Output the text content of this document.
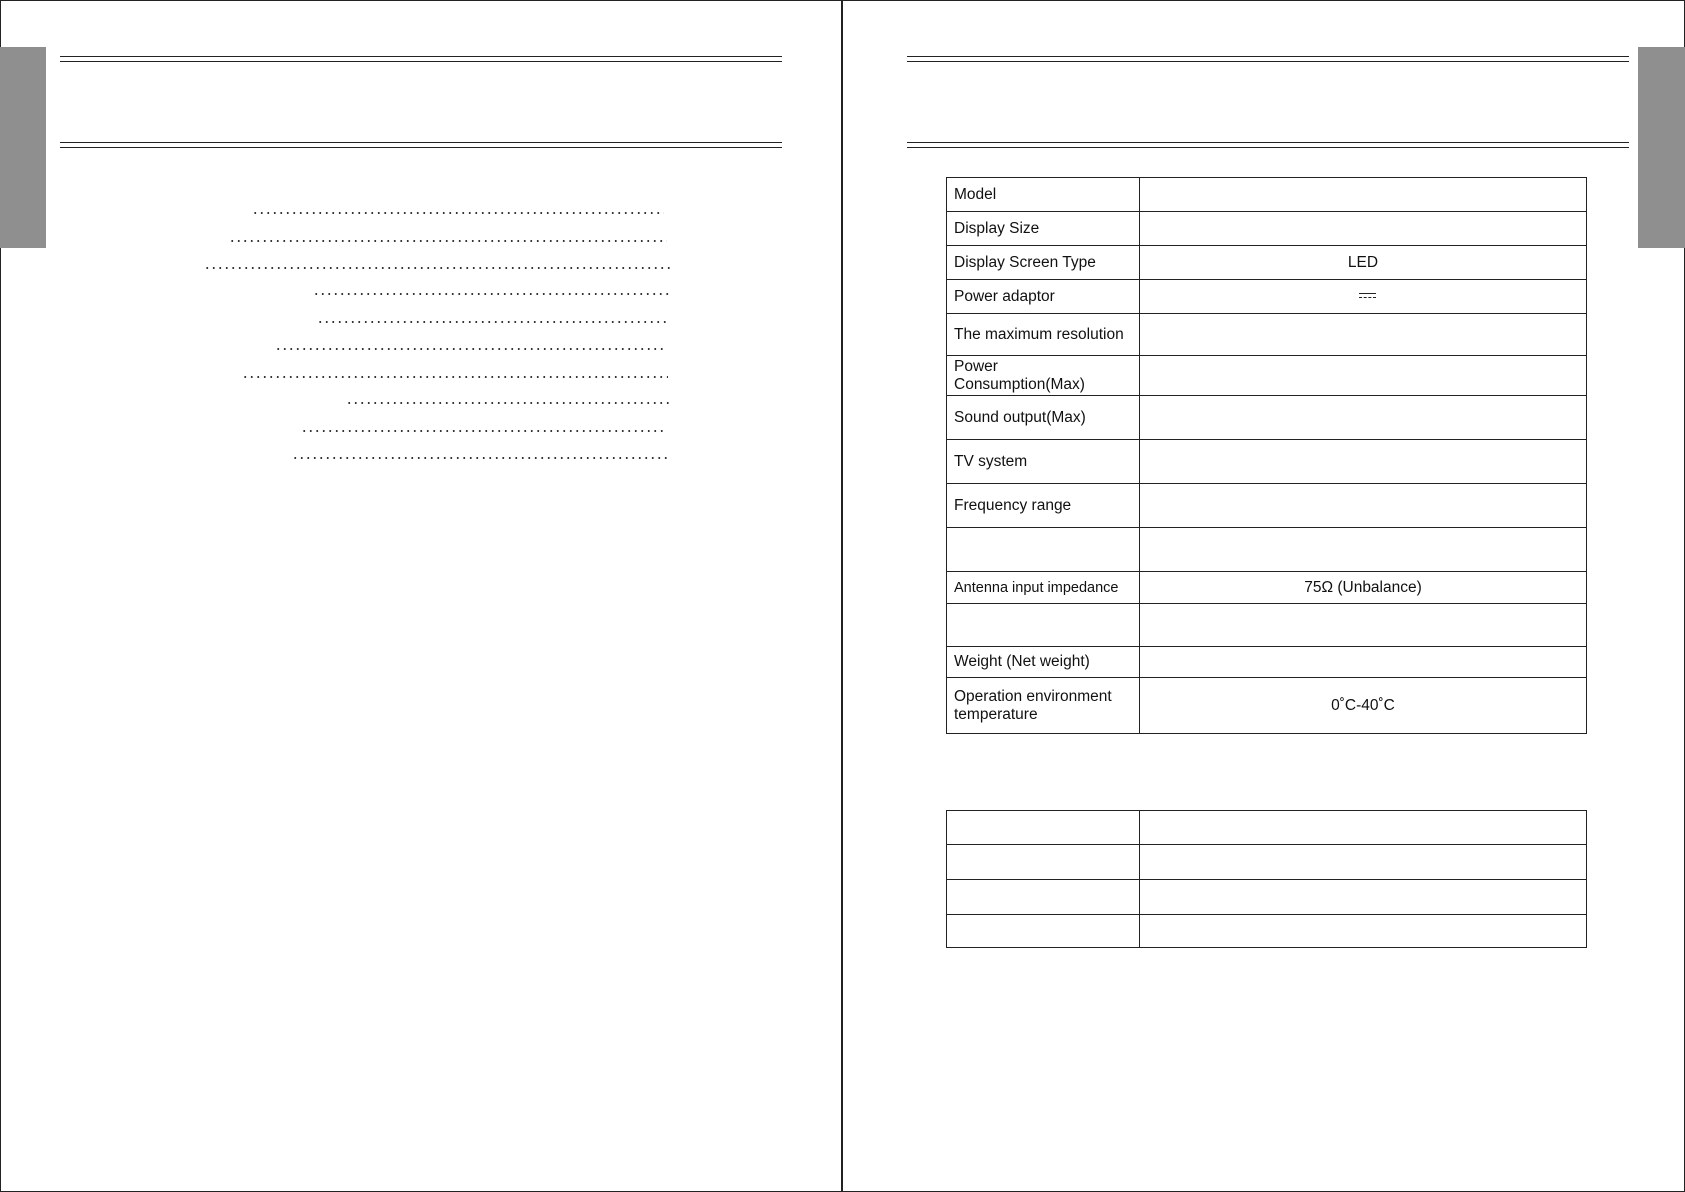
Model	
Display Size	
Display Screen Type	LED
Power adaptor	

The maximum resolution	
Power Consumption(Max)	
Sound output(Max)	
TV system	
Frequency range	

Antenna input impedance	75Ω (Unbalance)

Weight (Net weight)	

Operation environment temperature	0˚C-40˚C
